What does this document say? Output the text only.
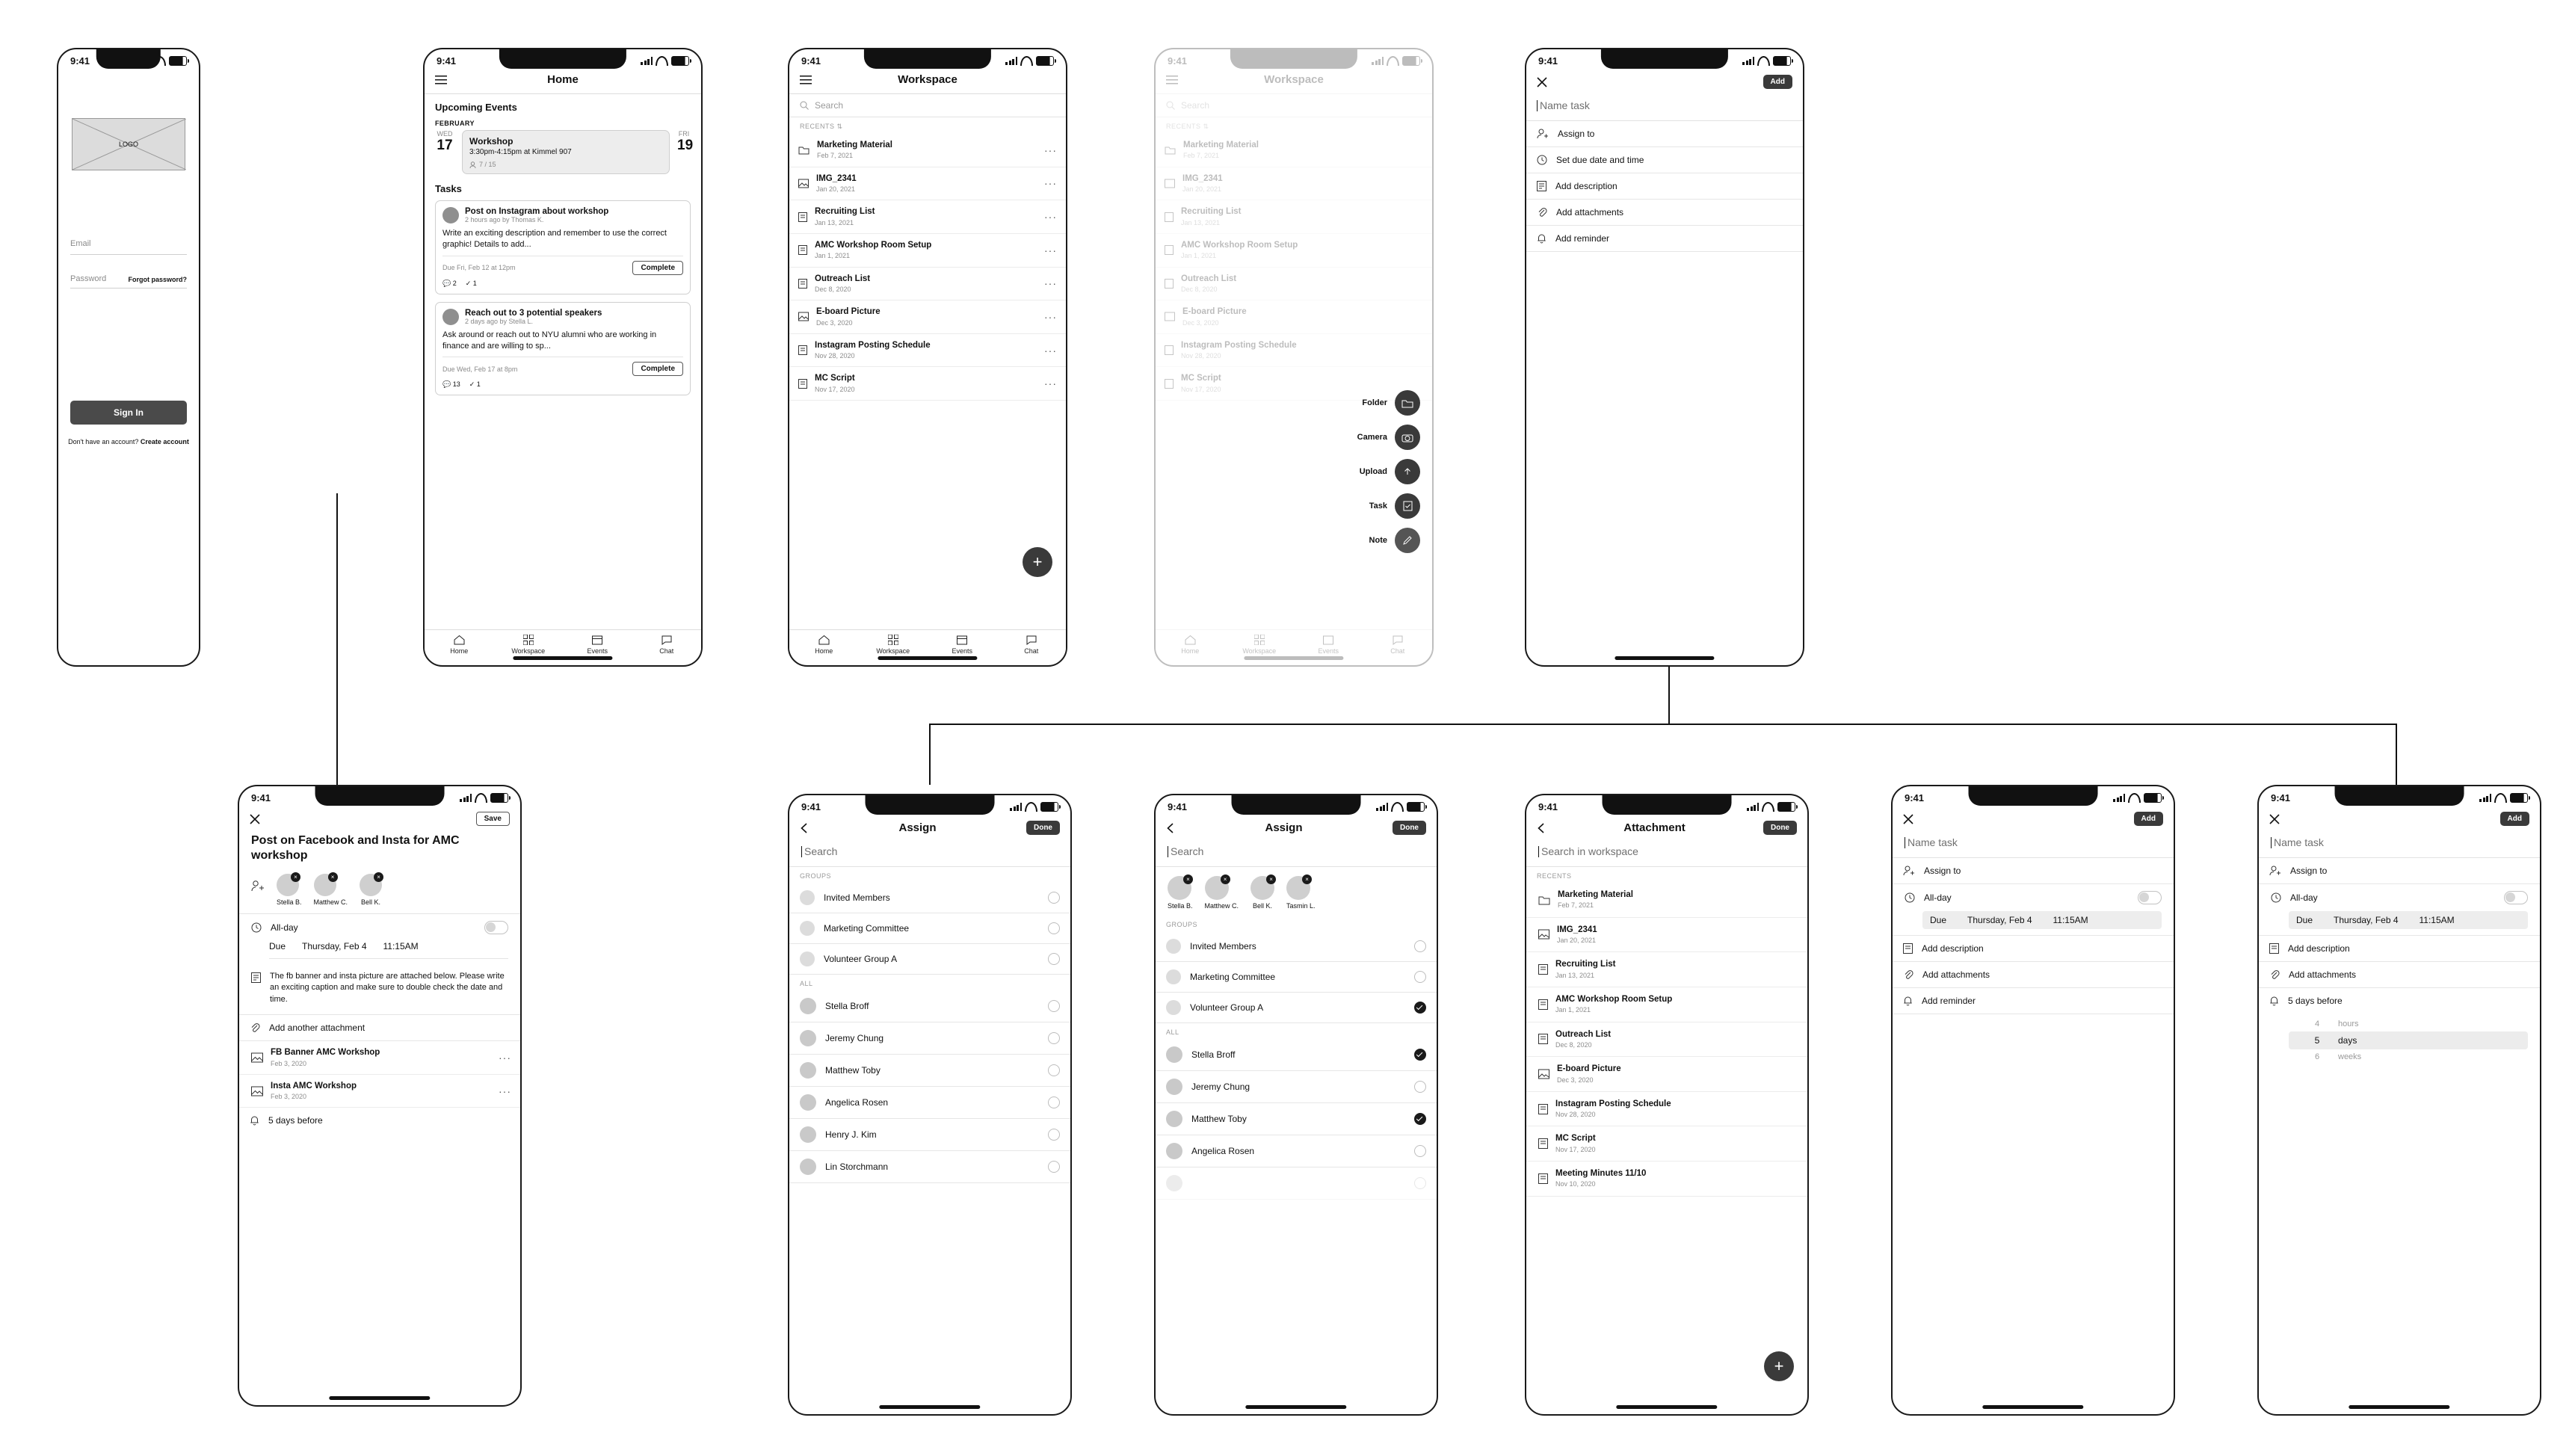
9:41
LOGO
Email
Password	Forgot password?
Sign In
Don't have an account? Create account
9:41
Home
Upcoming Events
FEBRUARY
WED
17 Workshop
3:30pm-4:15pm at Kimmel 907
7 / 15
FRI
19
Tasks
Post on Instagram about workshop
2 hours ago by Thomas K.
Write an exciting description and remember to use the correct graphic! Details to add...
Due Fri, Feb 12 at 12pm	Complete
💬 2 ✓ 1
Reach out to 3 potential speakers
2 days ago by Stella L.
Ask around or reach out to NYU alumni who are working in finance and are willing to sp...
Due Wed, Feb 17 at 8pm	Complete
💬 13 ✓ 1
Home	Workspace	Events	Chat
9:41
Workspace
Search
RECENTS ⇅
Marketing Material
Feb 7, 2021	···
IMG_2341
Jan 20, 2021	···
Recruiting List
Jan 13, 2021	···
AMC Workshop Room Setup
Jan 1, 2021	···
Outreach List
Dec 8, 2020	···
E-board Picture
Dec 3, 2020	···
Instagram Posting Schedule
Nov 28, 2020	···
MC Script
Nov 17, 2020	···
+
Home	Workspace	Events	Chat
9:41
Workspace
Search
RECENTS ⇅
Marketing Material
Feb 7, 2021
IMG_2341
Jan 20, 2021
Recruiting List
Jan 13, 2021
AMC Workshop Room Setup
Jan 1, 2021
Outreach List
Dec 8, 2020
E-board Picture
Dec 3, 2020
Instagram Posting Schedule
Nov 28, 2020
MC Script
Nov 17, 2020
Home	Workspace	Events	Chat
Folder
Camera
Upload
Task
Note
9:41
Add
Name task
Assign to
Set due date and time
Add description
Add attachments
Add reminder
9:41
Save
Post on Facebook and Insta for AMC workshop
×
Stella B.
×
Matthew C.
×
Bell K.
All-day
Due Thursday, Feb 4 11:15AM
The fb banner and insta picture are attached below. Please write an exciting caption and make sure to double check the date and time.
Add another attachment
FB Banner AMC Workshop
Feb 3, 2020	···
Insta AMC Workshop
Feb 3, 2020	···
5 days before
9:41
Assign	Done
Search
GROUPS
Invited Members
Marketing Committee
Volunteer Group A
ALL
Stella Broff
Jeremy Chung
Matthew Toby
Angelica Rosen
Henry J. Kim
Lin Storchmann
9:41
Assign	Done
Search
×
Stella B.
×
Matthew C.
×
Bell K.
×
Tasmin L.
GROUPS
Invited Members
Marketing Committee
Volunteer Group A
ALL
Stella Broff
Jeremy Chung
Matthew Toby
Angelica Rosen
9:41
Attachment	Done
Search in workspace
RECENTS
Marketing Material
Feb 7, 2021
IMG_2341
Jan 20, 2021
Recruiting List
Jan 13, 2021
AMC Workshop Room Setup
Jan 1, 2021
Outreach List
Dec 8, 2020
E-board Picture
Dec 3, 2020
Instagram Posting Schedule
Nov 28, 2020
MC Script
Nov 17, 2020
Meeting Minutes 11/10
Nov 10, 2020
+
9:41
Add
Name task
Assign to
All-day
Due Thursday, Feb 4 11:15AM
Add description
Add attachments
Add reminder
9:41
Add
Name task
Assign to
All-day
Due Thursday, Feb 4 11:15AM
Add description
Add attachments
5 days before
4	hours
5	days
6	weeks
